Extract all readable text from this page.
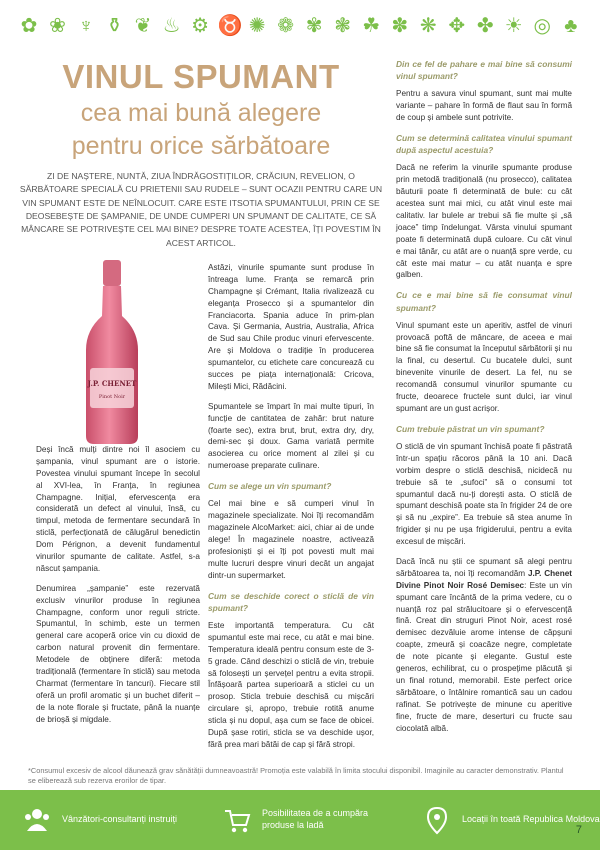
✿ ❀ ♆ ⚱ ❦ ♨ ⚙ ♉ ✺ ❁ ✾ ❃ ☘ ✽ ❋ ✥ ✤ ☀ ◎ ♣
VINUL SPUMANT
cea mai bună alegere
pentru orice sărbătoare
ZI DE NAȘTERE, NUNTĂ, ZIUA ÎNDRĂGOSTIȚILOR, CRĂCIUN, REVELION, O SĂRBĂTOARE SPECIALĂ CU PRIETENII SAU RUDELE – SUNT OCAZII PENTRU CARE UN VIN SPUMANT ESTE DE NEÎNLOCUIT. CARE ESTE ITSOTIA SPUMANTULUI, PRIN CE SE DEOSEBEȘTE DE ȘAMPANIE, DE UNDE CUMPERI UN SPUMANT DE CALITATE, CE SĂ MÂNCARE SE POTRIVEȘTE CEL MAI BINE? DESPRE TOATE ACESTEA, ÎȚI POVESTIM ÎN ACEST ARTICOL.
J.P. CHENET
Pinot Noir

Deși încă mulți dintre noi îl asociem cu șampania, vinul spumant are o istorie. Povestea vinului spumant începe în secolul al XVI-lea, în Franța, în regiunea Champagne. Inițial, efervescența era considerată un defect al vinului, însă, cu timpul, metoda de fermentare secundară în sticlă, perfecționată de călugărul benedictin Dom Pérignon, a devenit fundamentul vinurilor spumante de calitate. Astfel, s-a născut șampania.

Denumirea „șampanie” este rezervată exclusiv vinurilor produse în regiunea Champagne, conform unor reguli stricte. Spumantul, în schimb, este un termen general care acoperă orice vin cu dioxid de carbon natural provenit din fermentare. Metodele de obținere diferă: metoda tradițională (fermentare în sticlă) sau metoda Charmat (fermentare în tancuri). Fiecare stil oferă un profil aromatic și un buchet diferit – de la note florale și fructate, până la nuanțe de brioșă și migdale.

Astăzi, vinurile spumante sunt produse în întreaga lume. Franța se remarcă prin Champagne și Crémant, Italia rivalizează cu eleganța Prosecco și a spumantelor din Franciacorta. Spania aduce în prim-plan Cava. Și Germania, Austria, Australia, Africa de Sud sau Chile produc vinuri efervescente. Are și Moldova o tradiție în producerea spumantelor, cu etichete care concurează cu succes pe piața internațională: Cricova, Milești Mici, Rădăcini.

Spumantele se împart în mai multe tipuri, în funcție de cantitatea de zahăr: brut nature (foarte sec), extra brut, brut, extra dry, dry, demi-sec și doux. Gama variată permite asocierea cu orice moment al zilei și cu numeroase preparate culinare.

Cum se alege un vin spumant?

Cel mai bine e să cumperi vinul în magazinele specializate. Noi îți recomandăm magazinele AlcoMarket: aici, chiar ai de unde alege! În magazinele noastre, activează profesioniști și ei îți pot povesti mult mai multe lucruri despre vinuri decât un angajat dintr-un supermarket.

Cum se deschide corect o sticlă de vin spumant?

Este importantă temperatura. Cu cât spumantul este mai rece, cu atât e mai bine. Temperatura ideală pentru consum este de 3-5 grade. Când deschizi o sticlă de vin, trebuie să folosești un șervețel pentru a evita stropii. Înfășoară partea superioară a sticlei cu un prosop. Sticla trebuie deschisă cu mișcări circulare și, apropo, trebuie rotită anume sticla și nu dopul, așa cum se face de obicei. După șase rotiri, sticla se va deschide ușor, fără prea mari bătăi de cap și fără stropi.

Din ce fel de pahare e mai bine să consumi vinul spumant?

Pentru a savura vinul spumant, sunt mai multe variante – pahare în formă de flaut sau în formă de coup și ambele sunt potrivite.

Cum se determină calitatea vinului spumant după aspectul acestuia?

Dacă ne referim la vinurile spumante produse prin metodă tradițională (nu prosecco), calitatea băuturii poate fi determinată de bule: cu cât acestea sunt mai mici, cu atât vinul este mai calitativ. Iar bulele ar trebui să fie multe și „să joace” timp îndelungat. Vârsta vinului spumant poate fi determinată după culoare. Cu cât vinul e mai tânăr, cu atât are o nuanță spre verde, cu cât este mai matur – cu atât nuanța e spre galben.

Cu ce e mai bine să fie consumat vinul spumant?

Vinul spumant este un aperitiv, astfel de vinuri provoacă poftă de mâncare, de aceea e mai bine să fie consumat la începutul sărbătorii și nu la final, cu desertul. Cu bucatele dulci, sunt binevenite vinurile de desert. La fel, nu se recomandă consumul vinurilor spumante cu fructe, deoarece fructele sunt dulci, iar vinul spumant are un gust acrișor.

Cum trebuie păstrat un vin spumant?

O sticlă de vin spumant închisă poate fi păstrată într-un spațiu răcoros până la 10 ani. Dacă vorbim despre o sticlă deschisă, nicidecă nu trebuie să te „sufoci” să o consumi tot spumantul dacă nu-ți dorești asta. O sticlă de spumant deschisă poate sta în frigider 24 de ore și să nu „expire”. Ea trebuie să stea anume în frigider și nu pe ușa frigiderului, pentru a evita excesul de mișcări.

Dacă încă nu știi ce spumant să alegi pentru sărbătoarea ta, noi îți recomandăm J.P. Chenet Divine Pinot Noir Rosé Demisec: Este un vin spumant care încântă de la prima vedere, cu o nuanță roz pal strălucitoare și o efervescență fină. Creat din struguri Pinot Noir, acest rosé demisec dezvăluie arome intense de căpșuni coapte, zmeură și coacăze negre, completate de note picante și elegante. Gustul este generos, echilibrat, cu o prospețime plăcută și un final rotund, memorabil. Este perfect orice sărbătoare, o întâlnire romantică sau un cadou rafinat. Se potrivește de minune cu aperitive fine, fructe de mare, deserturi cu fructe sau ciocolată albă.

*Consumul excesiv de alcool dăunează grav sănătății dumneavoastră! Promoția este valabilă în limita stocului disponibil. Imaginile au caracter demonstrativ. Plantul se eliberează sub rezerva erorilor de tipar.
Vânzători-consultanți instruiți
Posibilitatea de a cumpăra produse la ladă
Locații în toată Republica Moldova
7
